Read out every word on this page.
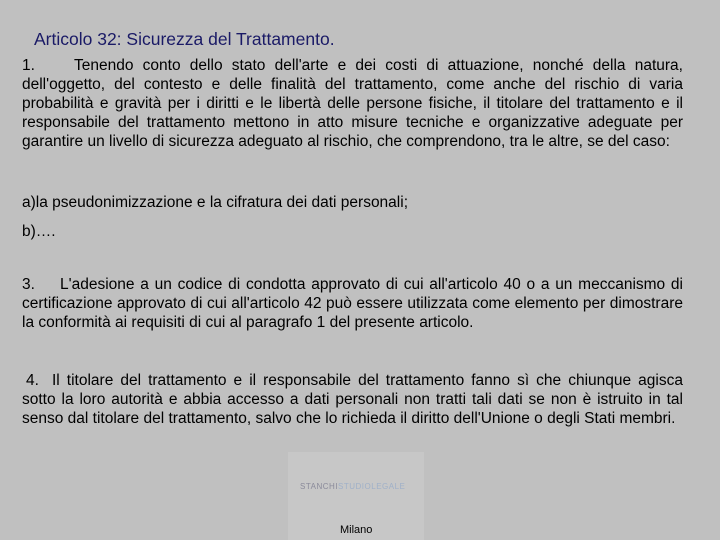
Articolo 32: Sicurezza del Trattamento.
1.	Tenendo conto dello stato dell'arte e dei costi di attuazione, nonché della natura, dell'oggetto, del contesto e delle finalità del trattamento, come anche del rischio di varia probabilità e gravità per i diritti e le libertà delle persone fisiche, il titolare del trattamento e il responsabile del trattamento mettono in atto misure tecniche e organizzative adeguate per garantire un livello di sicurezza adeguato al rischio, che comprendono, tra le altre, se del caso:
a)la pseudonimizzazione e la cifratura dei dati personali;
b)….
3. L'adesione a un codice di condotta approvato di cui all'articolo 40 o a un meccanismo di certificazione approvato di cui all'articolo 42 può essere utilizzata come elemento per dimostrare la conformità ai requisiti di cui al paragrafo 1 del presente articolo.
4. Il titolare del trattamento e il responsabile del trattamento fanno sì che chiunque agisca sotto la loro autorità e abbia accesso a dati personali non tratti tali dati se non è istruito in tal senso dal titolare del trattamento, salvo che lo richieda il diritto dell'Unione o degli Stati membri.
STANCHISTUDIOLEGALE
Milano
